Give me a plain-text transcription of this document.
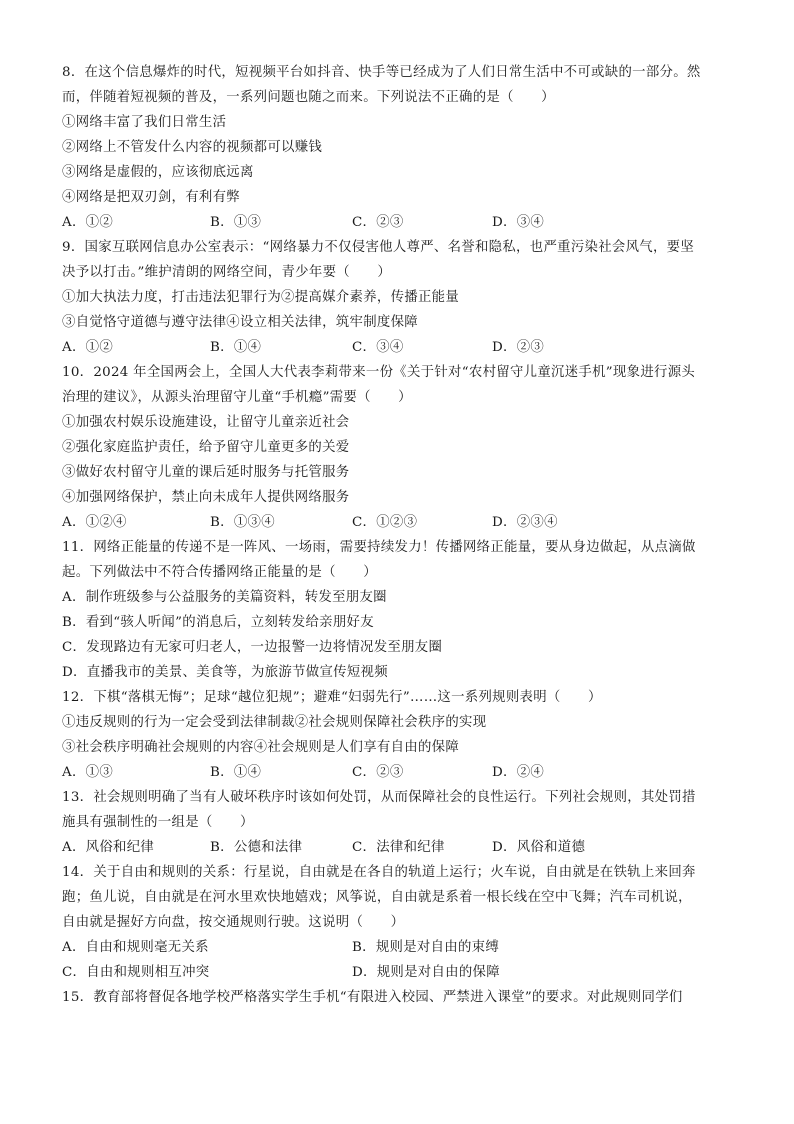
8．在这个信息爆炸的时代，短视频平台如抖音、快手等已经成为了人们日常生活中不可或缺的一部分。然
而，伴随着短视频的普及，一系列问题也随之而来。下列说法不正确的是（　　）
①网络丰富了我们日常生活
②网络上不管发什么内容的视频都可以赚钱
③网络是虚假的，应该彻底远离
④网络是把双刃剑，有利有弊
A．①②	B．①③	C．②③	D．③④
9．国家互联网信息办公室表示：“网络暴力不仅侵害他人尊严、名誉和隐私，也严重污染社会风气，要坚
决予以打击。”维护清朗的网络空间，青少年要（　　）
①加大执法力度，打击违法犯罪行为②提高媒介素养，传播正能量
③自觉恪守道德与遵守法律④设立相关法律，筑牢制度保障
A．①②	B．①④	C．③④	D．②③
10．2024 年全国两会上，全国人大代表李莉带来一份《关于针对“农村留守儿童沉迷手机”现象进行源头
治理的建议》，从源头治理留守儿童“手机瘾”需要（　　）
①加强农村娱乐设施建设，让留守儿童亲近社会
②强化家庭监护责任，给予留守儿童更多的关爱
③做好农村留守儿童的课后延时服务与托管服务
④加强网络保护，禁止向未成年人提供网络服务
A．①②④	B．①③④	C．①②③	D．②③④
11．网络正能量的传递不是一阵风、一场雨，需要持续发力！传播网络正能量，要从身边做起，从点滴做
起。下列做法中不符合传播网络正能量的是（　　）
A．制作班级参与公益服务的美篇资料，转发至朋友圈
B．看到“骇人听闻”的消息后，立刻转发给亲朋好友
C．发现路边有无家可归老人，一边报警一边将情况发至朋友圈
D．直播我市的美景、美食等，为旅游节做宣传短视频
12．下棋“落棋无悔”；足球“越位犯规”；避难“妇弱先行”……这一系列规则表明（　　）
①违反规则的行为一定会受到法律制裁②社会规则保障社会秩序的实现
③社会秩序明确社会规则的内容④社会规则是人们享有自由的保障
A．①③	B．①④	C．②③	D．②④
13．社会规则明确了当有人破坏秩序时该如何处罚，从而保障社会的良性运行。下列社会规则，其处罚措
施具有强制性的一组是（　　）
A．风俗和纪律	B．公德和法律	C．法律和纪律	D．风俗和道德
14．关于自由和规则的关系：行星说，自由就是在各自的轨道上运行；火车说，自由就是在铁轨上来回奔
跑；鱼儿说，自由就是在河水里欢快地嬉戏；风筝说，自由就是系着一根长线在空中飞舞；汽车司机说，
自由就是握好方向盘，按交通规则行驶。这说明（　　）
A．自由和规则毫无关系	B．规则是对自由的束缚
C．自由和规则相互冲突	D．规则是对自由的保障
15．教育部将督促各地学校严格落实学生手机“有限进入校园、严禁进入课堂”的要求。对此规则同学们
